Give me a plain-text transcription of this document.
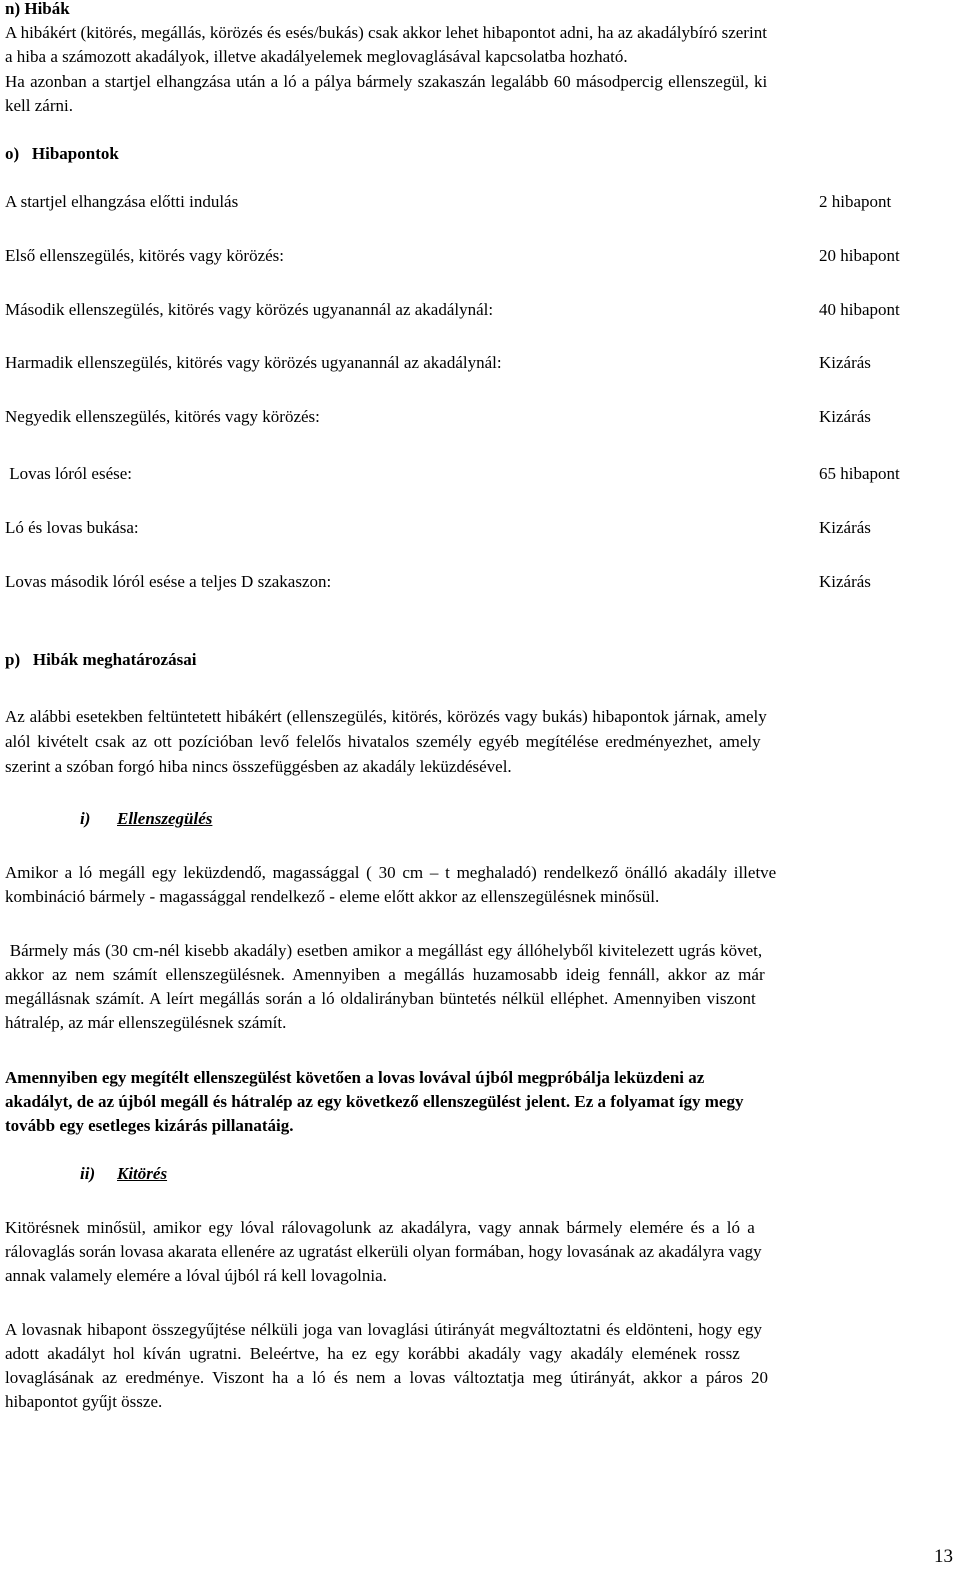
n) Hibák
A hibákért (kitörés, megállás, körözés és esés/bukás) csak akkor lehet hibapontot adni, ha az akadálybíró szerint
a hiba a számozott akadályok, illetve akadályelemek meglovaglásával kapcsolatba hozható.
Ha azonban a startjel elhangzása után a ló a pálya bármely szakaszán legalább 60 másodpercig ellenszegül, ki
kell zárni.
o)   Hibapontok
A startjel elhangzása előtti indulás	2 hibapont
Első ellenszegülés, kitörés vagy körözés:	20 hibapont
Második ellenszegülés, kitörés vagy körözés ugyanannál az akadálynál:	40 hibapont
Harmadik ellenszegülés, kitörés vagy körözés ugyanannál az akadálynál:	Kizárás
Negyedik ellenszegülés, kitörés vagy körözés:	Kizárás
Lovas lóról esése:	65 hibapont
Ló és lovas bukása:	Kizárás
Lovas második lóról esése a teljes D szakaszon:	Kizárás
p)   Hibák meghatározásai
Az alábbi esetekben feltüntetett hibákért (ellenszegülés, kitörés, körözés vagy bukás) hibapontok járnak, amely
alól kivételt csak az ott pozícióban levő felelős hivatalos személy egyéb megítélése eredményezhet, amely
szerint a szóban forgó hiba nincs összefüggésben az akadály leküzdésével.
i) Ellenszegülés
Amikor a ló megáll egy leküzdendő, magassággal ( 30 cm – t meghaladó) rendelkező önálló akadály illetve
kombináció bármely - magassággal rendelkező - eleme előtt akkor az ellenszegülésnek minősül.
Bármely más (30 cm-nél kisebb akadály) esetben amikor a megállást egy állóhelyből kivitelezett ugrás követ,
akkor az nem számít ellenszegülésnek. Amennyiben a megállás huzamosabb ideig fennáll, akkor az már
megállásnak számít. A leírt megállás során a ló oldalirányban büntetés nélkül elléphet. Amennyiben viszont
hátralép, az már ellenszegülésnek számít.
Amennyiben egy megítélt ellenszegülést követően a lovas lovával újból megpróbálja leküzdeni az
akadályt, de az újból megáll és hátralép az egy következő ellenszegülést jelent. Ez a folyamat így megy
tovább egy esetleges kizárás pillanatáig.
ii) Kitörés
Kitörésnek minősül, amikor egy lóval rálovagolunk az akadályra, vagy annak bármely elemére és a ló a
rálovaglás során lovasa akarata ellenére az ugratást elkerüli olyan formában, hogy lovasának az akadályra vagy
annak valamely elemére a lóval újból rá kell lovagolnia.
A lovasnak hibapont összegyűjtése nélküli joga van lovaglási útirányát megváltoztatni és eldönteni, hogy egy
adott akadályt hol kíván ugratni. Beleértve, ha ez egy korábbi akadály vagy akadály elemének rossz
lovaglásának az eredménye. Viszont ha a ló és nem a lovas változtatja meg útirányát, akkor a páros 20
hibapontot gyűjt össze.
13
